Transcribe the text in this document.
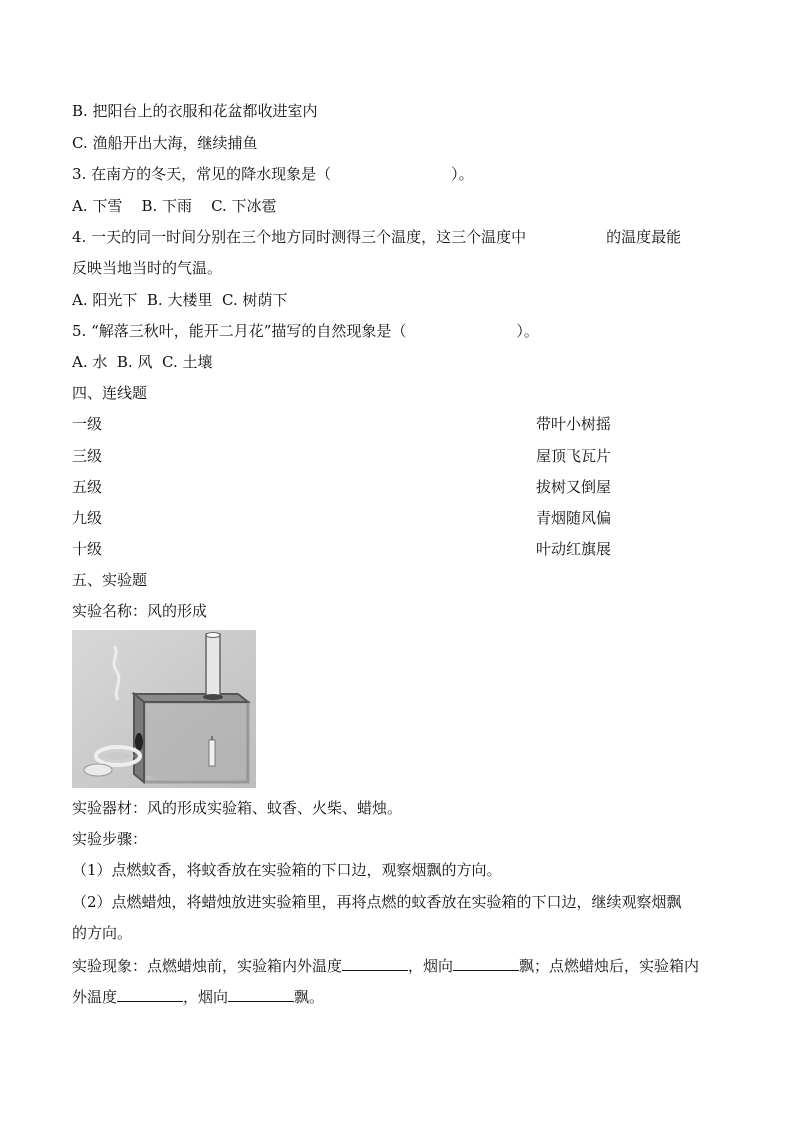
B. 把阳台上的衣服和花盆都收进室内
C. 渔船开出大海，继续捕鱼
3. 在南方的冬天，常见的降水现象是（	）。
A. 下雪    B. 下雨    C. 下冰雹
4. 一天的同一时间分别在三个地方同时测得三个温度，这三个温度中	的温度最能
反映当地当时的气温。
A. 阳光下  B. 大楼里  C. 树荫下
5. “解落三秋叶，能开二月花”描写的自然现象是（	）。
A. 水  B. 风  C. 土壤
四、连线题
一级	带叶小树摇
三级	屋顶飞瓦片
五级	拔树又倒屋
九级	青烟随风偏
十级	叶动红旗展
五、实验题
实验名称：风的形成
实验器材：风的形成实验箱、蚊香、火柴、蜡烛。
实验步骤：
（1）点燃蚊香，将蚊香放在实验箱的下口边，观察烟飘的方向。
（2）点燃蜡烛，将蜡烛放进实验箱里，再将点燃的蚊香放在实验箱的下口边，继续观察烟飘
的方向。
实验现象：点燃蜡烛前，实验箱内外温度	，烟向	飘；点燃蜡烛后，实验箱内
外温度	，烟向	飘。
